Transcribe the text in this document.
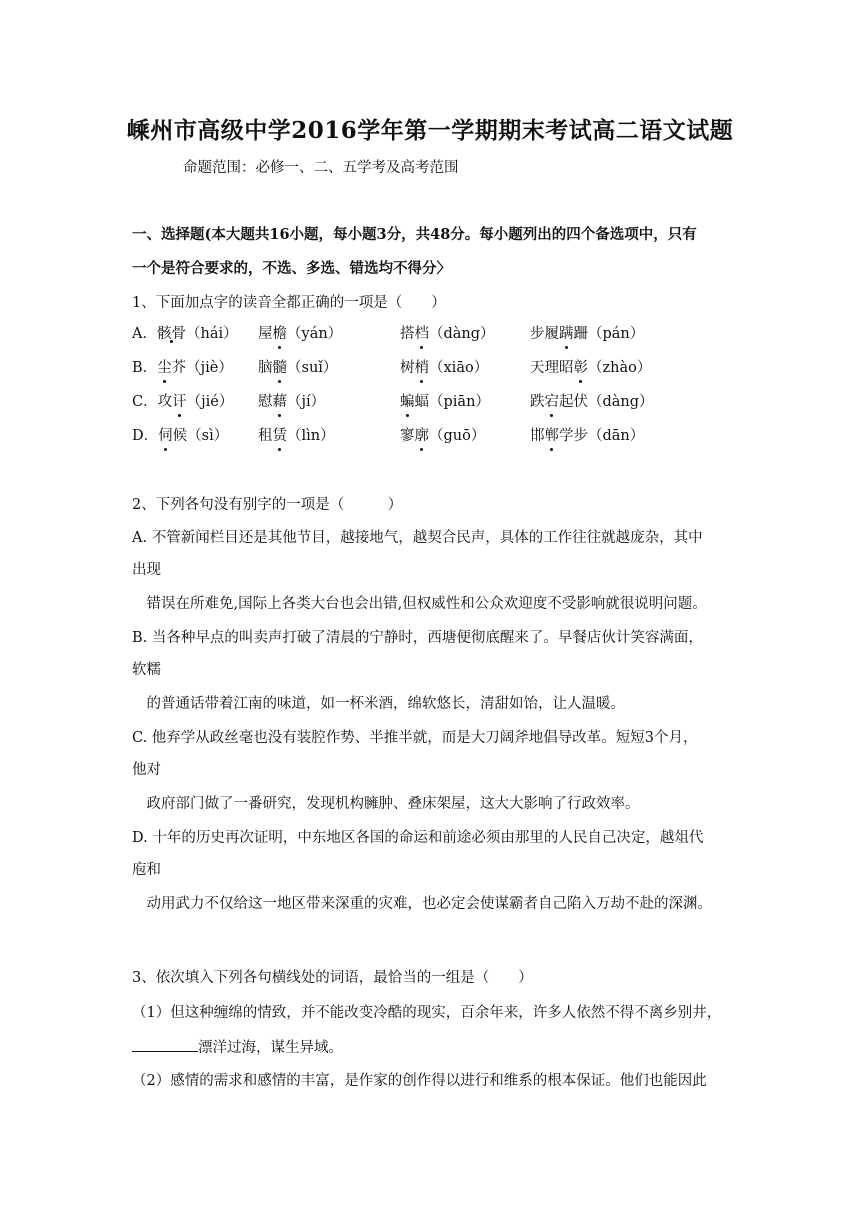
嵊州市高级中学2016学年第一学期期末考试高二语文试题
命题范围：必修一、二、五学考及高考范围
一、选择题(本大题共16小题，每小题3分，共48分。每小题列出的四个备选项中，只有
一个是符合要求的，不选、多选、错选均不得分〉
1、下面加点字的读音全都正确的一项是（　　）
A．骸骨（hái） 屋檐（yán）	搭档（dàng） 步履蹒跚（pán）
B．尘芥（jiè） 脑髓（suǐ）	树梢（xiāo）	天理昭彰（zhào）
C．攻讦（jié） 慰藉（jí）	蝙蝠（piān）	跌宕起伏（dàng）
D．伺候（sì） 租赁（lìn）	寥廓（guō）	邯郸学步（dān）
2、下列各句没有别字的一项是（　　　）
A. 不管新闻栏目还是其他节目，越接地气，越契合民声，具体的工作往往就越庞杂，其中
出现
　错误在所难免,国际上各类大台也会出错,但权威性和公众欢迎度不受影响就很说明问题。
B. 当各种早点的叫卖声打破了清晨的宁静时，西塘便彻底醒来了。早餐店伙计笑容满面，
软糯
　的普通话带着江南的味道，如一杯米酒，绵软悠长，清甜如饴，让人温暖。
C. 他弃学从政丝毫也没有装腔作势、半推半就，而是大刀阔斧地倡导改革。短短3个月，
他对
　政府部门做了一番研究，发现机构臃肿、叠床架屋，这大大影响了行政效率。
D. 十年的历史再次证明，中东地区各国的命运和前途必须由那里的人民自己决定，越俎代
庖和
　动用武力不仅给这一地区带来深重的灾难，也必定会使谋霸者自己陷入万劫不赴的深渊。
3、依次填入下列各句横线处的词语，最恰当的一组是（　　）
（1）但这种缠绵的情致，并不能改变冷酷的现实，百余年来，许多人依然不得不离乡别井，
漂洋过海，谋生异域。
（2）感情的需求和感情的丰富，是作家的创作得以进行和维系的根本保证。他们也能因此
